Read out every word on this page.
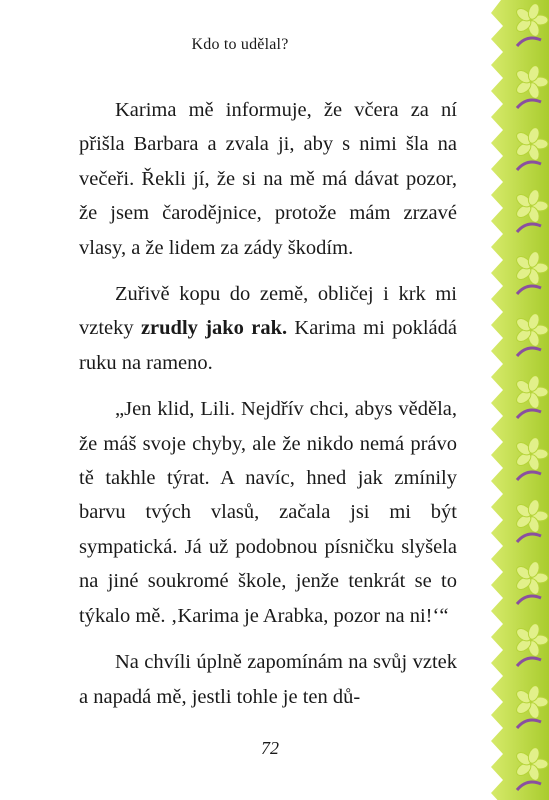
Kdo to udělal?

Karima mě informuje, že včera za ní přišla Barbara a zvala ji, aby s nimi šla na večeři. Řekli jí, že si na mě má dávat pozor, že jsem čarodějnice, protože mám zrzavé vlasy, a že lidem za zády škodím.

Zuřivě kopu do země, obličej i krk mi vzteky zrudly jako rak. Karima mi pokládá ruku na rameno.

„Jen klid, Lili. Nejdřív chci, abys věděla, že máš svoje chyby, ale že nikdo nemá právo tě takhle týrat. A navíc, hned jak zmínily barvu tvých vlasů, začala jsi mi být sympatická. Já už podobnou písničku slyšela na jiné soukromé škole, jenže tenkrát se to týkalo mě. ‚Karima je Arabka, pozor na ni!‘“

Na chvíli úplně zapomínám na svůj vztek a napadá mě, jestli tohle je ten dů-

72
